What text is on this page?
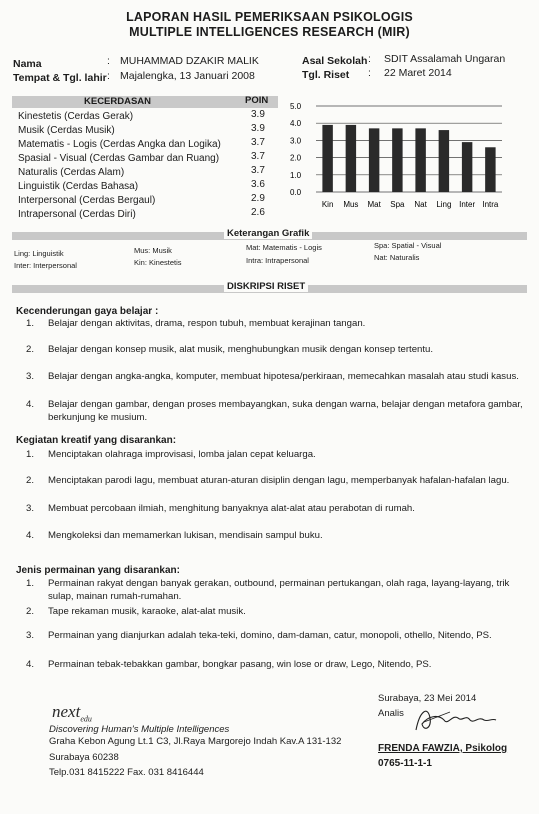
LAPORAN HASIL PEMERIKSAAN PSIKOLOGIS
MULTIPLE INTELLIGENCES RESEARCH (MIR)
Nama	: MUHAMMAD DZAKIR MALIK
Tempat & Tgl. lahir : Majalengka, 13 Januari 2008
Asal Sekolah : SDIT Assalamah Ungaran
Tgl. Riset : 22 Maret 2014
KECERDASAN	POIN
Kinestetis (Cerdas Gerak)	3.9
Musik (Cerdas Musik)	3.9
Matematis - Logis (Cerdas Angka dan Logika)	3.7
Spasial - Visual (Cerdas Gambar dan Ruang)	3.7
Naturalis (Cerdas Alam)	3.7
Linguistik (Cerdas Bahasa)	3.6
Interpersonal (Cerdas Bergaul)	2.9
Intrapersonal (Cerdas Diri)	2.6
5.0
4.0
3.0
2.0
1.0
0.0
Kin Mus Mat Spa Nat Ling Inter Intra
Keterangan Grafik
Ling: Linguistik	Mus: Musik	Mat: Matematis - Logis	Spa: Spatial - Visual
Inter: Interpersonal	Kin: Kinestetis	Intra: Intrapersonal	Nat: Naturalis
DISKRIPSI RISET
Kecenderungan gaya belajar :
1. Belajar dengan aktivitas, drama, respon tubuh, membuat kerajinan tangan.
2. Belajar dengan konsep musik, alat musik, menghubungkan musik dengan konsep tertentu.
3. Belajar dengan angka-angka, komputer, membuat hipotesa/perkiraan, memecahkan masalah atau studi kasus.
4. Belajar dengan gambar, dengan proses membayangkan, suka dengan warna, belajar dengan metafora gambar, berkunjung ke musium.
Kegiatan kreatif yang disarankan:
1. Menciptakan olahraga improvisasi, lomba jalan cepat keluarga.
2. Menciptakan parodi lagu, membuat aturan-aturan disiplin dengan lagu, memperbanyak hafalan-hafalan lagu.
3. Membuat percobaan ilmiah, menghitung banyaknya alat-alat atau perabotan di rumah.
4. Mengkoleksi dan memamerkan lukisan, mendisain sampul buku.
Jenis permainan yang disarankan:
1. Permainan rakyat dengan banyak gerakan, outbound, permainan pertukangan, olah raga, layang-layang, trik sulap, mainan rumah-rumahan.
2. Tape rekaman musik, karaoke, alat-alat musik.
3. Permainan yang dianjurkan adalah teka-teki, domino, dam-daman, catur, monopoli, othello, Nitendo, PS.
4. Permainan tebak-tebakkan gambar, bongkar pasang, win lose or draw, Lego, Nitendo, PS.
next$_{edu}$
Discovering Human's Multiple Intelligences
Graha Kebon Agung Lt.1 C3, Jl.Raya Margorejo Indah Kav.A 131-132
Surabaya 60238
Telp.031 8415222 Fax. 031 8416444
Surabaya, 23 Mei 2014
Analis
FRENDA FAWZIA, Psikolog
0765-11-1-1
